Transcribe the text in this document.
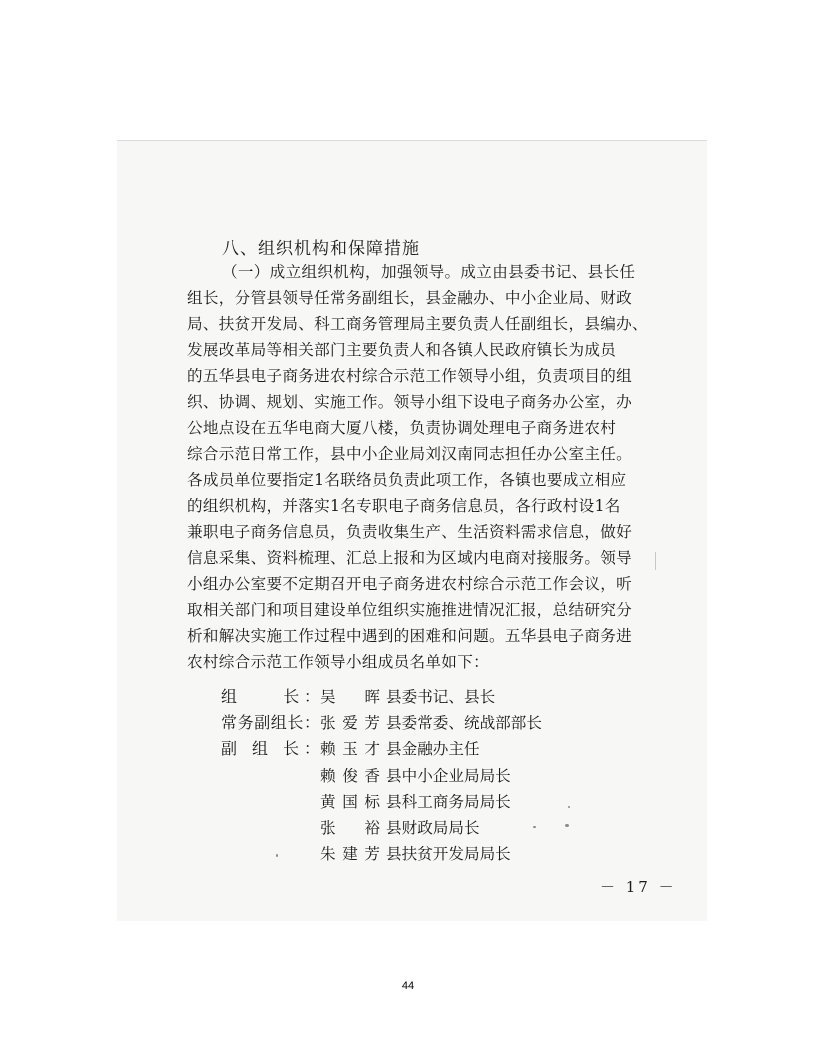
八、组织机构和保障措施
（一）成立组织机构，加强领导。成立由县委书记、县长任
组长，分管县领导任常务副组长，县金融办、中小企业局、财政
局、扶贫开发局、科工商务管理局主要负责人任副组长，县编办、
发展改革局等相关部门主要负责人和各镇人民政府镇长为成员
的五华县电子商务进农村综合示范工作领导小组，负责项目的组
织、协调、规划、实施工作。领导小组下设电子商务办公室，办
公地点设在五华电商大厦八楼，负责协调处理电子商务进农村
综合示范日常工作，县中小企业局刘汉南同志担任办公室主任。
各成员单位要指定1名联络员负责此项工作，各镇也要成立相应
的组织机构，并落实1名专职电子商务信息员，各行政村设1名
兼职电子商务信息员，负责收集生产、生活资料需求信息，做好
信息采集、资料梳理、汇总上报和为区域内电商对接服务。领导
小组办公室要不定期召开电子商务进农村综合示范工作会议，听
取相关部门和项目建设单位组织实施推进情况汇报，总结研究分
析和解决实施工作过程中遇到的困难和问题。五华县电子商务进
农村综合示范工作领导小组成员名单如下：
组　　长： 吴　晖 县委书记、县长
常务副组长： 张爱芳 县委常委、统战部部长
副 组 长： 赖玉才 县金融办主任
赖俊香 县中小企业局局长
黄国标 县科工商务局局长
张　裕 县财政局局长
朱建芳 县扶贫开发局局长
－ 17 －
44
